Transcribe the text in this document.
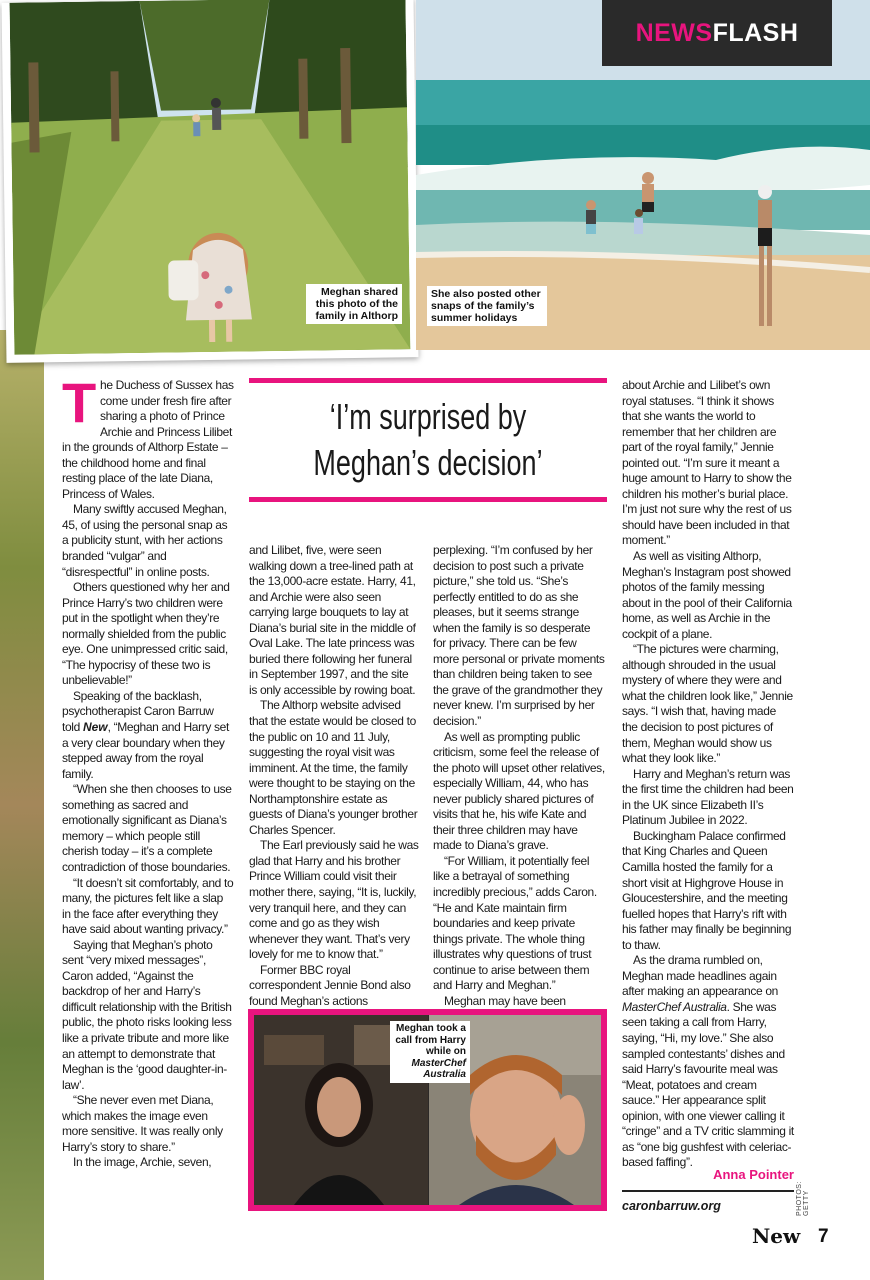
Meghan shared this photo of the family in Althorp
She also posted other snaps of the family’s summer holidays
NEWS FLASH

The Duchess of Sussex has come under fresh fire after sharing a photo of Prince Archie and Princess Lilibet in the grounds of Althorp Estate – the childhood home and final resting place of the late Diana, Princess of Wales.

Many swiftly accused Meghan, 45, of using the personal snap as a publicity stunt, with her actions branded “vulgar” and “disrespectful” in online posts.

Others questioned why her and Prince Harry’s two children were put in the spotlight when they’re normally shielded from the public eye. One unimpressed critic said, “The hypocrisy of these two is unbelievable!”

Speaking of the backlash, psychotherapist Caron Barruw told New, “Meghan and Harry set a very clear boundary when they stepped away from the royal family.

“When she then chooses to use something as sacred and emotionally significant as Diana’s memory – which people still cherish today – it’s a complete contradiction of those boundaries.

“It doesn’t sit comfortably, and to many, the pictures felt like a slap in the face after everything they have said about wanting privacy.”

Saying that Meghan’s photo sent “very mixed messages”, Caron added, “Against the backdrop of her and Harry’s difficult relationship with the British public, the photo risks looking less like a private tribute and more like an attempt to demonstrate that Meghan is the ‘good daughter-in-law’.

“She never even met Diana, which makes the image even more sensitive. It was really only Harry’s story to share.”

In the image, Archie, seven,

‘I’m surprised by Meghan’s decision’

and Lilibet, five, were seen walking down a tree-lined path at the 13,000-acre estate. Harry, 41, and Archie were also seen carrying large bouquets to lay at Diana’s burial site in the middle of Oval Lake. The late princess was buried there following her funeral in September 1997, and the site is only accessible by rowing boat.

The Althorp website advised that the estate would be closed to the public on 10 and 11 July, suggesting the royal visit was imminent. At the time, the family were thought to be staying on the Northamptonshire estate as guests of Diana’s younger brother Charles Spencer.

The Earl previously said he was glad that Harry and his brother Prince William could visit their mother there, saying, “It is, luckily, very tranquil here, and they can come and go as they wish whenever they want. That’s very lovely for me to know that.”

Former BBC royal correspondent Jennie Bond also found Meghan’s actions

perplexing. “I’m confused by her decision to post such a private picture,” she told us. “She’s perfectly entitled to do as she pleases, but it seems strange when the family is so desperate for privacy. There can be few more personal or private moments than children being taken to see the grave of the grandmother they never knew. I’m surprised by her decision.”

As well as prompting public criticism, some feel the release of the photo will upset other relatives, especially William, 44, who has never publicly shared pictures of visits that he, his wife Kate and their three children may have made to Diana’s grave.

“For William, it potentially feel like a betrayal of something incredibly precious,” adds Caron. “He and Kate maintain firm boundaries and keep private things private. The whole thing illustrates why questions of trust continue to arise between them and Harry and Meghan.”

Meghan may have been

Meghan took a call from Harry while on MasterChef Australia

about Archie and Lilibet’s own royal statuses. “I think it shows that she wants the world to remember that her children are part of the royal family,” Jennie pointed out. “I’m sure it meant a huge amount to Harry to show the children his mother’s burial place. I’m just not sure why the rest of us should have been included in that moment.”

As well as visiting Althorp, Meghan’s Instagram post showed photos of the family messing about in the pool of their California home, as well as Archie in the cockpit of a plane.

“The pictures were charming, although shrouded in the usual mystery of where they were and what the children look like,” Jennie says. “I wish that, having made the decision to post pictures of them, Meghan would show us what they look like.”

Harry and Meghan’s return was the first time the children had been in the UK since Elizabeth II’s Platinum Jubilee in 2022.

Buckingham Palace confirmed that King Charles and Queen Camilla hosted the family for a short visit at Highgrove House in Gloucestershire, and the meeting fuelled hopes that Harry’s rift with his father may finally be beginning to thaw.

As the drama rumbled on, Meghan made headlines again after making an appearance on MasterChef Australia. She was seen taking a call from Harry, saying, “Hi, my love.” She also sampled contestants’ dishes and said Harry’s favourite meal was “Meat, potatoes and cream sauce.” Her appearance split opinion, with one viewer calling it “cringe” and a TV critic slamming it as “one big gushfest with celeriac-based faffing”.

Anna Pointer
caronbarruw.org	PHOTOS: GETTY
New 7
